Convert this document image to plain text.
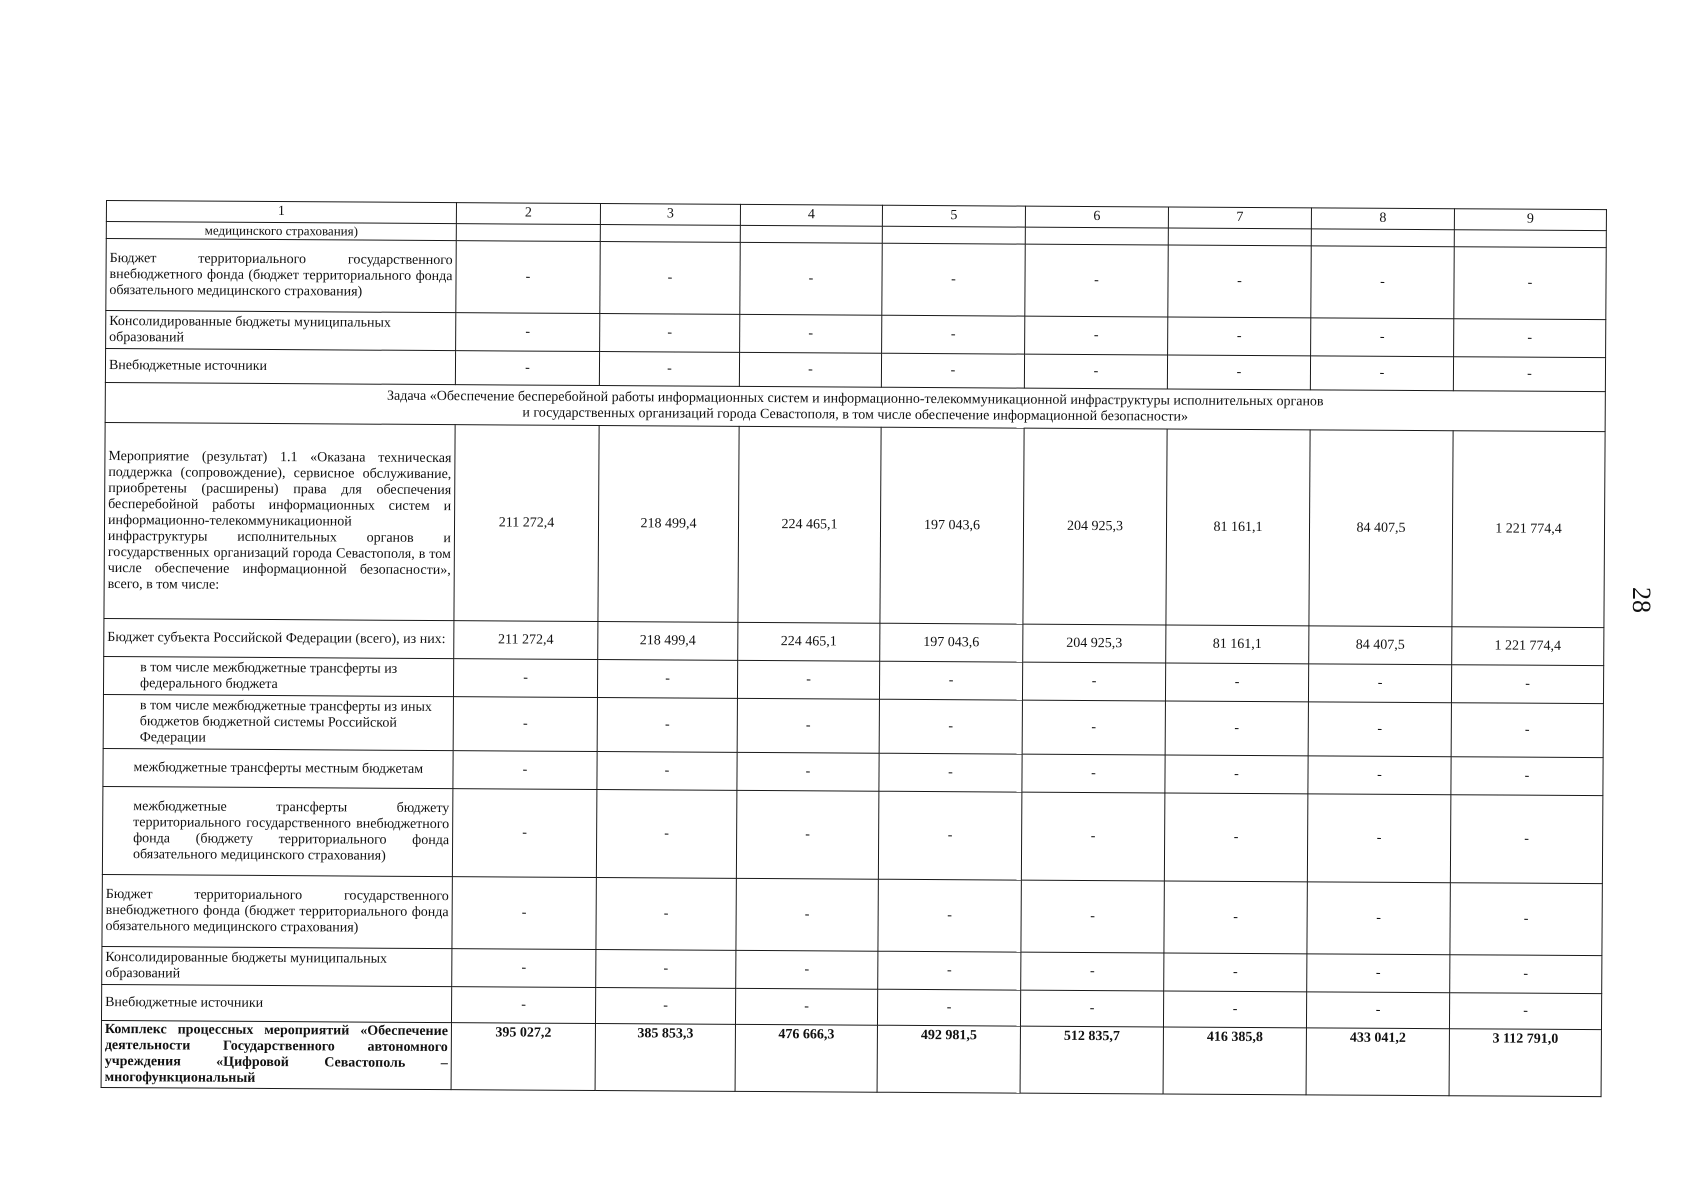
1	2	3	4	5	6	7	8	9
медицинского страхования)								
Бюджет территориального государственного внебюджетного фонда (бюджет территориального фонда обязательного медицинского страхования)	-	-	-	-	-	-	-	-
Консолидированные бюджеты муниципальных образований	-	-	-	-	-	-	-	-
Внебюджетные источники	-	-	-	-	-	-	-	-

Задача «Обеспечение бесперебойной работы информационных систем и информационно-телекоммуникационной инфраструктуры исполнительных органов
и государственных организаций города Севастополя, в том числе обеспечение информационной безопасности»								

Мероприятие (результат) 1.1 «Оказана техническая поддержка (сопровождение), сервисное обслуживание, приобретены (расширены) права для обеспечения бесперебойной работы информационных систем и информационно-телекоммуникационной инфраструктуры исполнительных органов и государственных организаций города Севастополя, в том числе обеспечение информационной безопасности», всего, в том числе:	211 272,4	218 499,4	224 465,1	197 043,6	204 925,3	81 161,1	84 407,5	1 221 774,4
Бюджет субъекта Российской Федерации (всего), из них:	211 272,4	218 499,4	224 465,1	197 043,6	204 925,3	81 161,1	84 407,5	1 221 774,4
в том числе межбюджетные трансферты из федерального бюджета	-	-	-	-	-	-	-	-
в том числе межбюджетные трансферты из иных бюджетов бюджетной системы Российской Федерации	-	-	-	-	-	-	-	-
межбюджетные трансферты местным бюджетам	-	-	-	-	-	-	-	-
межбюджетные трансферты бюджету территориального государственного внебюджетного фонда (бюджету территориального фонда обязательного медицинского страхования)	-	-	-	-	-	-	-	-
Бюджет территориального государственного внебюджетного фонда (бюджет территориального фонда обязательного медицинского страхования)	-	-	-	-	-	-	-	-
Консолидированные бюджеты муниципальных образований	-	-	-	-	-	-	-	-
Внебюджетные источники	-	-	-	-	-	-	-	-
Комплекс процессных мероприятий «Обеспечение деятельности Государственного автономного учреждения «Цифровой Севастополь – многофункциональный	395 027,2	385 853,3	476 666,3	492 981,5	512 835,7	416 385,8	433 041,2	3 112 791,0
28
